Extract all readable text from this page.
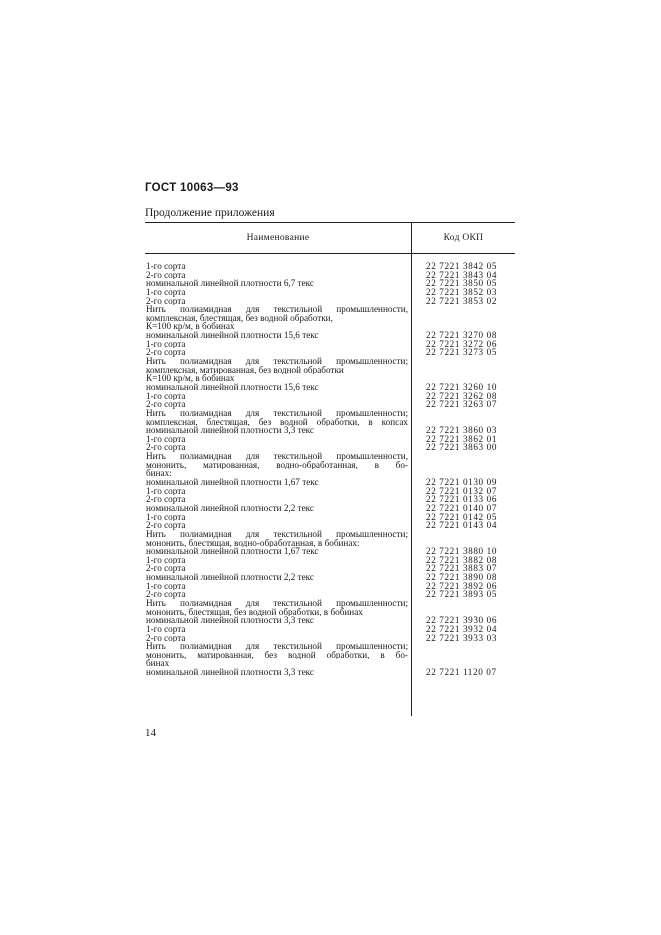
ГОСТ 10063—93
Продолжение приложения
Наименование	Код ОКП
1-го сорта	22 7221 3842 05
2-го сорта	22 7221 3843 04
номинальной линейной плотности 6,7 текс	22 7221 3850 05
1-го сорта	22 7221 3852 03
2-го сорта	22 7221 3853 02
Нить полиамидная для текстильной промышленности,
комплексная, блестящая, без водной обработки,
К=100 кр/м, в бобинах
номинальной линейной плотности 15,6 текс	22 7221 3270 08
1-го сорта	22 7221 3272 06
2-го сорта	22 7221 3273 05
Нить полиамидная для текстильной промышленности;
комплексная, матированная, без водной обработки
К=100 кр/м, в бобинах
номинальной линейной плотности 15,6 текс	22 7221 3260 10
1-го сорта	22 7221 3262 08
2-го сорта	22 7221 3263 07
Нить полиамидная для текстильной промышленности;
комплексная, блестящая, без водной обработки, в копсах
номинальной линейной плотности 3,3 текс	22 7221 3860 03
1-го сорта	22 7221 3862 01
2-го сорта	22 7221 3863 00
Нить полиамидная для текстильной промышленности,
мононить, матированная, водно-обработанная, в бо-
бинах:
номинальной линейной плотности 1,67 текс	22 7221 0130 09
1-го сорта	22 7221 0132 07
2-го сорта	22 7221 0133 06
номинальной линейной плотности 2,2 текс	22 7221 0140 07
1-го сорта	22 7221 0142 05
2-го сорта	22 7221 0143 04
Нить полиамидная для текстильной промышленности;
мононить, блестящая, водно-обработанная, в бобинах:
номинальной линейной плотности 1,67 текс	22 7221 3880 10
1-го сорта	22 7221 3882 08
2-го сорта	22 7221 3883 07
номинальной линейной плотности 2,2 текс	22 7221 3890 08
1-го сорта	22 7221 3892 06
2-го сорта	22 7221 3893 05
Нить полиамидная для текстильной промышленности;
мононить, блестящая, без водной обработки, в бобинах
номинальной линейной плотности 3,3 текс	22 7221 3930 06
1-го сорта	22 7221 3932 04
2-го сорта	22 7221 3933 03
Нить полиамидная для текстильной промышленности;
мононить, матированная, без водной обработки, в бо-
бинах
номинальной линейной плотности 3,3 текс	22 7221 1120 07
14
